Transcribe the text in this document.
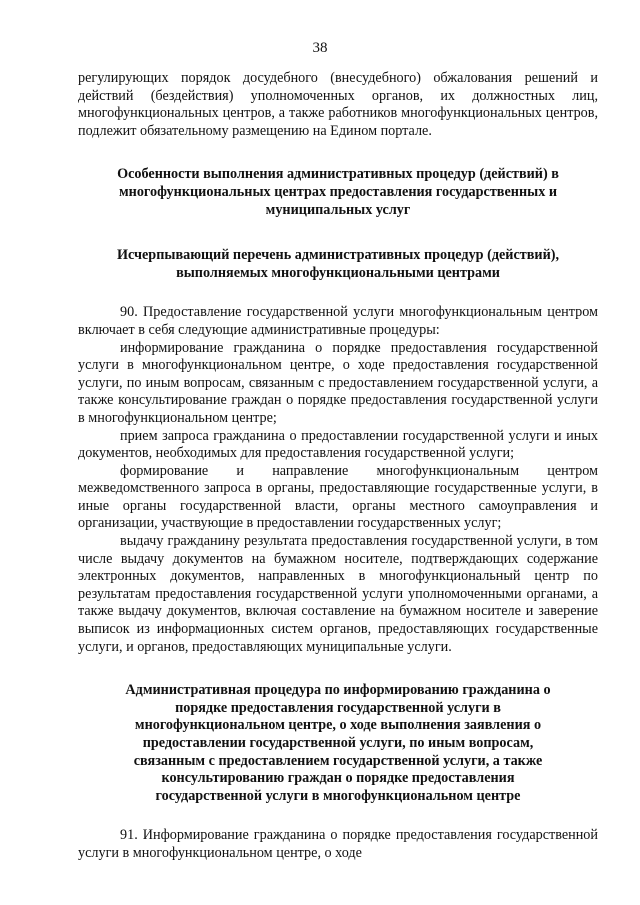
38

регулирующих порядок досудебного (внесудебного) обжалования решений и действий (бездействия) уполномоченных органов, их должностных лиц, многофункциональных центров, а также работников многофункциональных центров, подлежит обязательному размещению на Едином портале.

Особенности выполнения административных процедур (действий) в многофункциональных центрах предоставления государственных и муниципальных услуг
Исчерпывающий перечень административных процедур (действий), выполняемых многофункциональными центрами

90. Предоставление государственной услуги многофункциональным центром включает в себя следующие административные процедуры:

информирование гражданина о порядке предоставления государственной услуги в многофункциональном центре, о ходе предоставления государственной услуги, по иным вопросам, связанным с предоставлением государственной услуги, а также консультирование граждан о порядке предоставления государственной услуги в многофункциональном центре;

прием запроса гражданина о предоставлении государственной услуги и иных документов, необходимых для предоставления государственной услуги;

формирование и направление многофункциональным центром межведомственного запроса в органы, предоставляющие государственные услуги, в иные органы государственной власти, органы местного самоуправления и организации, участвующие в предоставлении государственных услуг;

выдачу гражданину результата предоставления государственной услуги, в том числе выдачу документов на бумажном носителе, подтверждающих содержание электронных документов, направленных в многофункциональный центр по результатам предоставления государственной услуги уполномоченными органами, а также выдачу документов, включая составление на бумажном носителе и заверение выписок из информационных систем органов, предоставляющих государственные услуги, и органов, предоставляющих муниципальные услуги.

Административная процедура по информированию гражданина о порядке предоставления государственной услуги в многофункциональном центре, о ходе выполнения заявления о предоставлении государственной услуги, по иным вопросам, связанным с предоставлением государственной услуги, а также консультированию граждан о порядке предоставления государственной услуги в многофункциональном центре

91. Информирование гражданина о порядке предоставления государственной услуги в многофункциональном центре, о ходе
